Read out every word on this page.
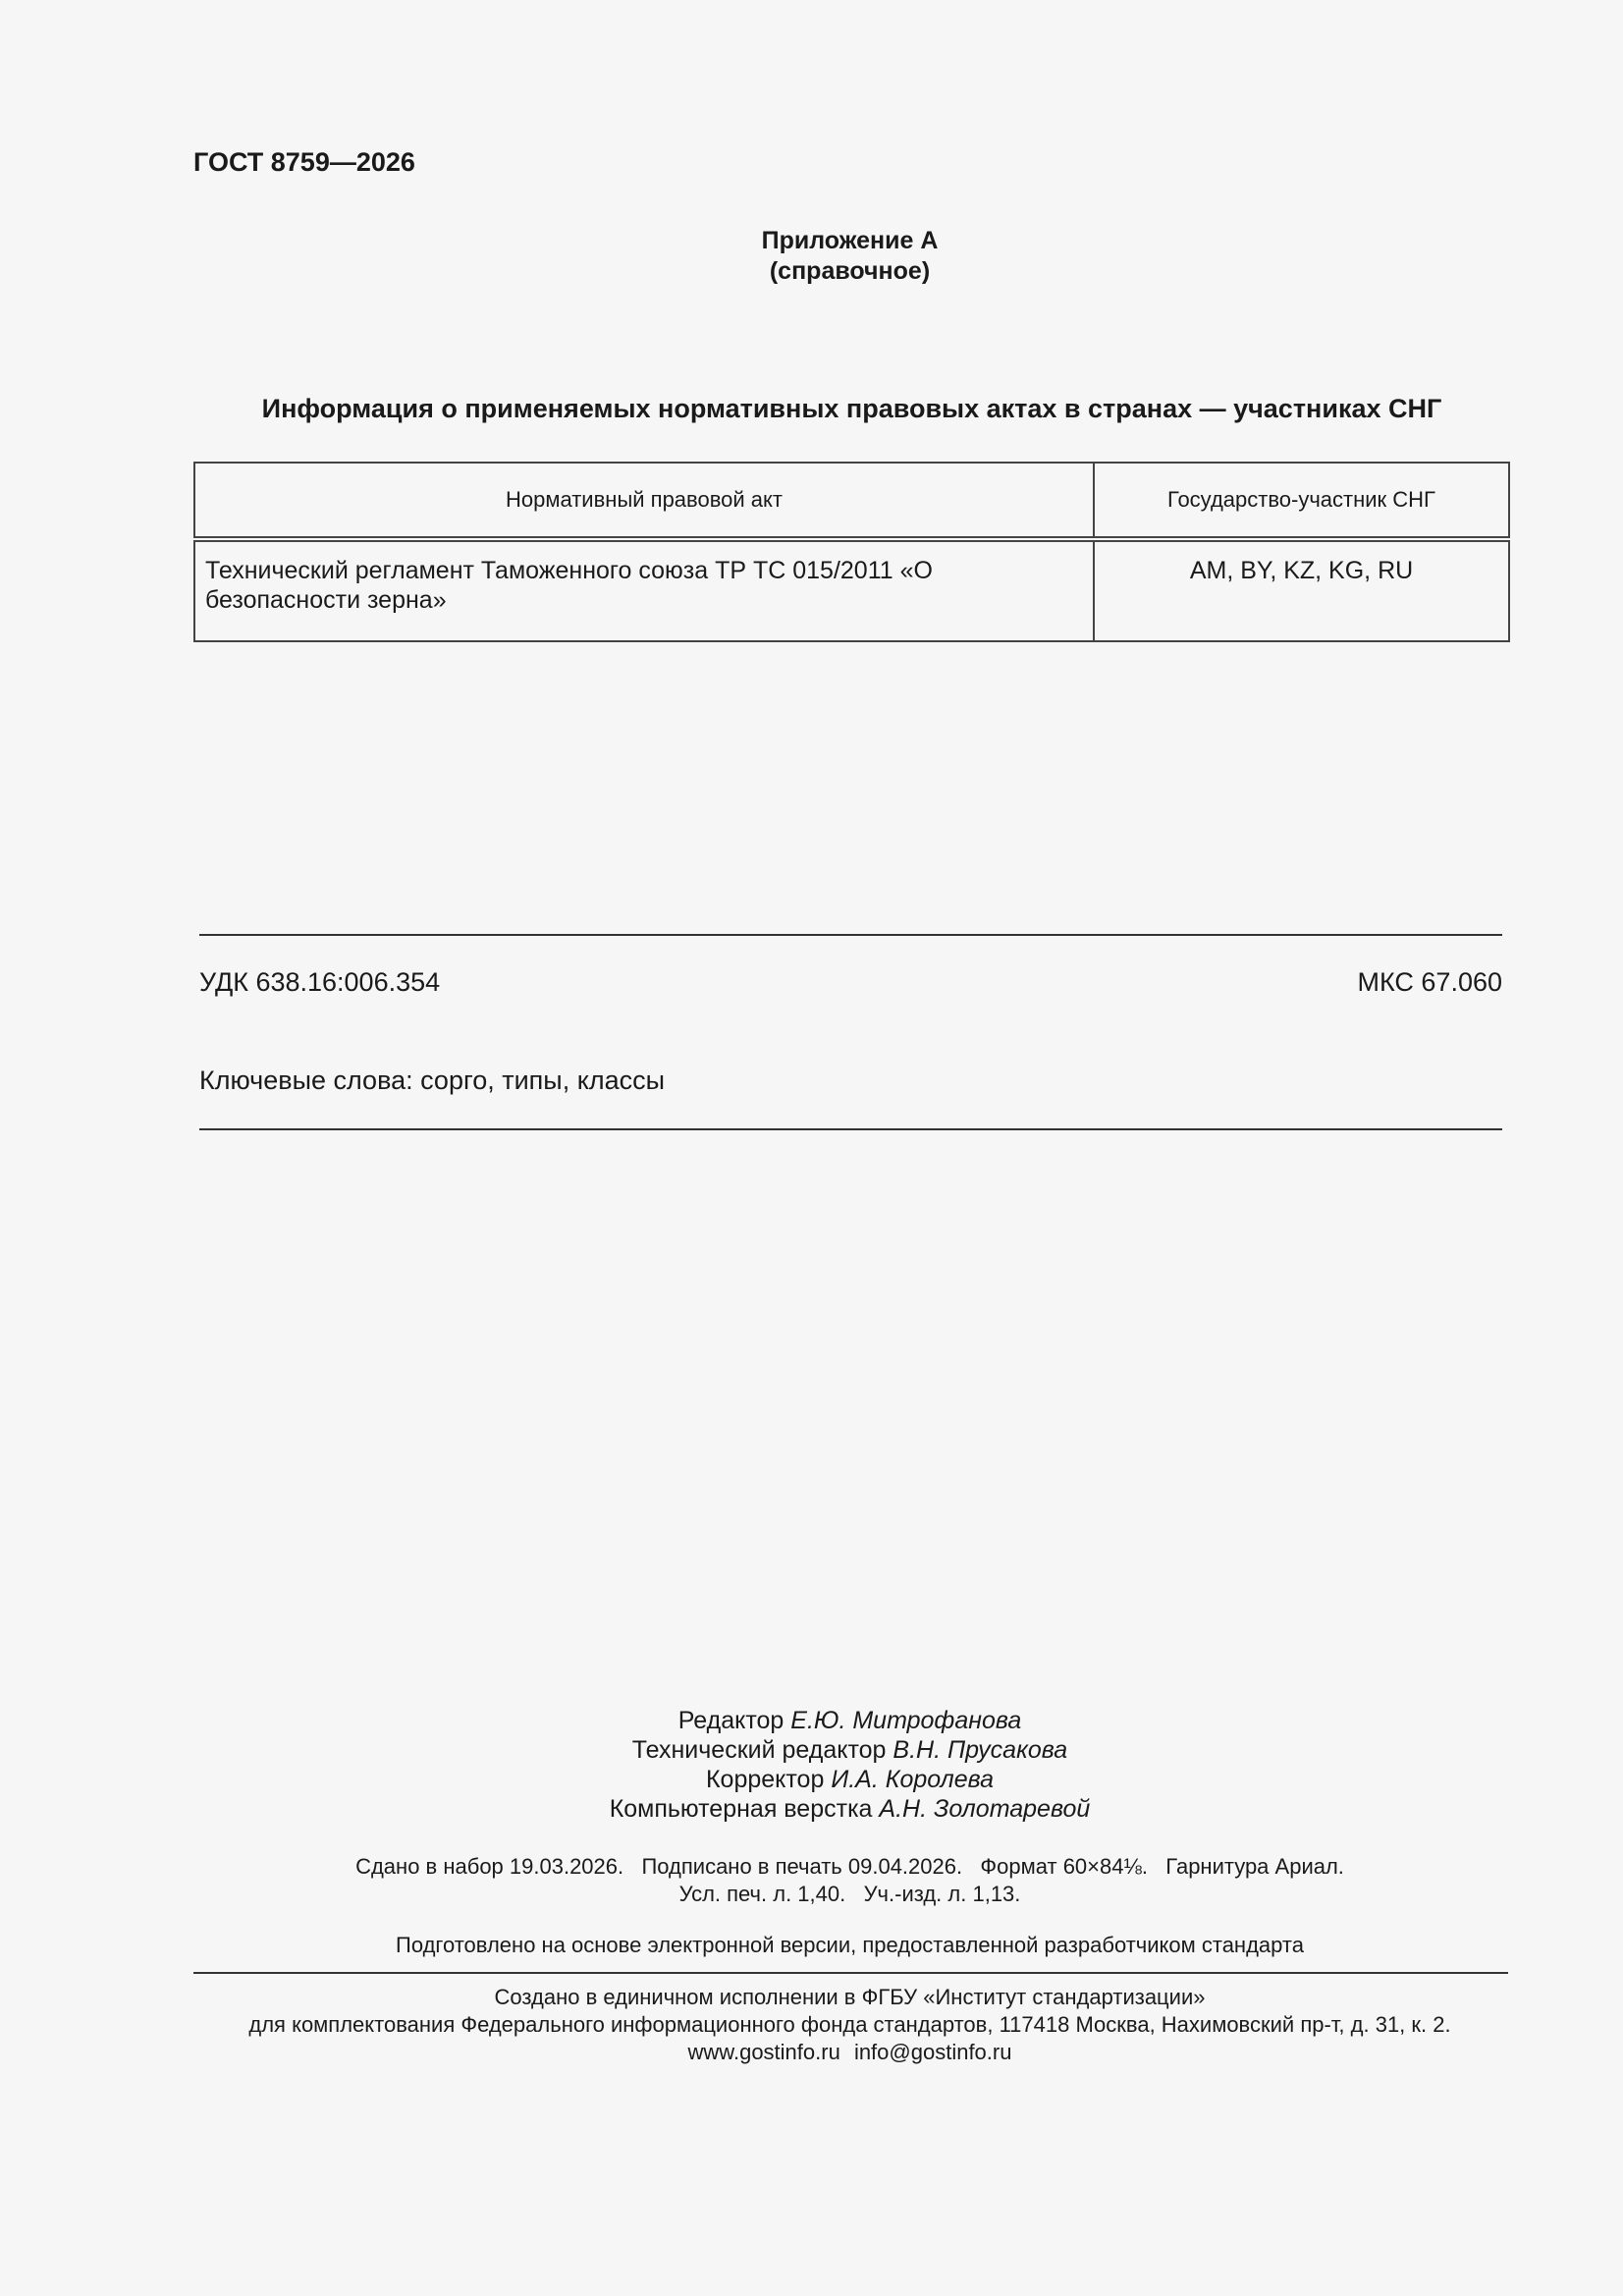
ГОСТ 8759—2026
Приложение А
(справочное)
Информация о применяемых нормативных правовых актах в странах — участниках СНГ
Нормативный правовой акт	Государство-участник СНГ
Технический регламент Таможенного союза ТР ТС 015/2011 «О безопасности зерна»	AM, BY, KZ, KG, RU
УДК 638.16:006.354	МКС 67.060
Ключевые слова: сорго, типы, классы
Редактор Е.Ю. Митрофанова
Технический редактор В.Н. Прусакова
Корректор И.А. Королева
Компьютерная верстка А.Н. Золотаревой
Сдано в набор 19.03.2026.   Подписано в печать 09.04.2026.   Формат 60×84⅛.   Гарнитура Ариал.
Усл. печ. л. 1,40.   Уч.-изд. л. 1,13.
Подготовлено на основе электронной версии, предоставленной разработчиком стандарта
Создано в единичном исполнении в ФГБУ «Институт стандартизации»
для комплектования Федерального информационного фонда стандартов, 117418 Москва, Нахимовский пр-т, д. 31, к. 2.
www.gostinfo.ru info@gostinfo.ru
